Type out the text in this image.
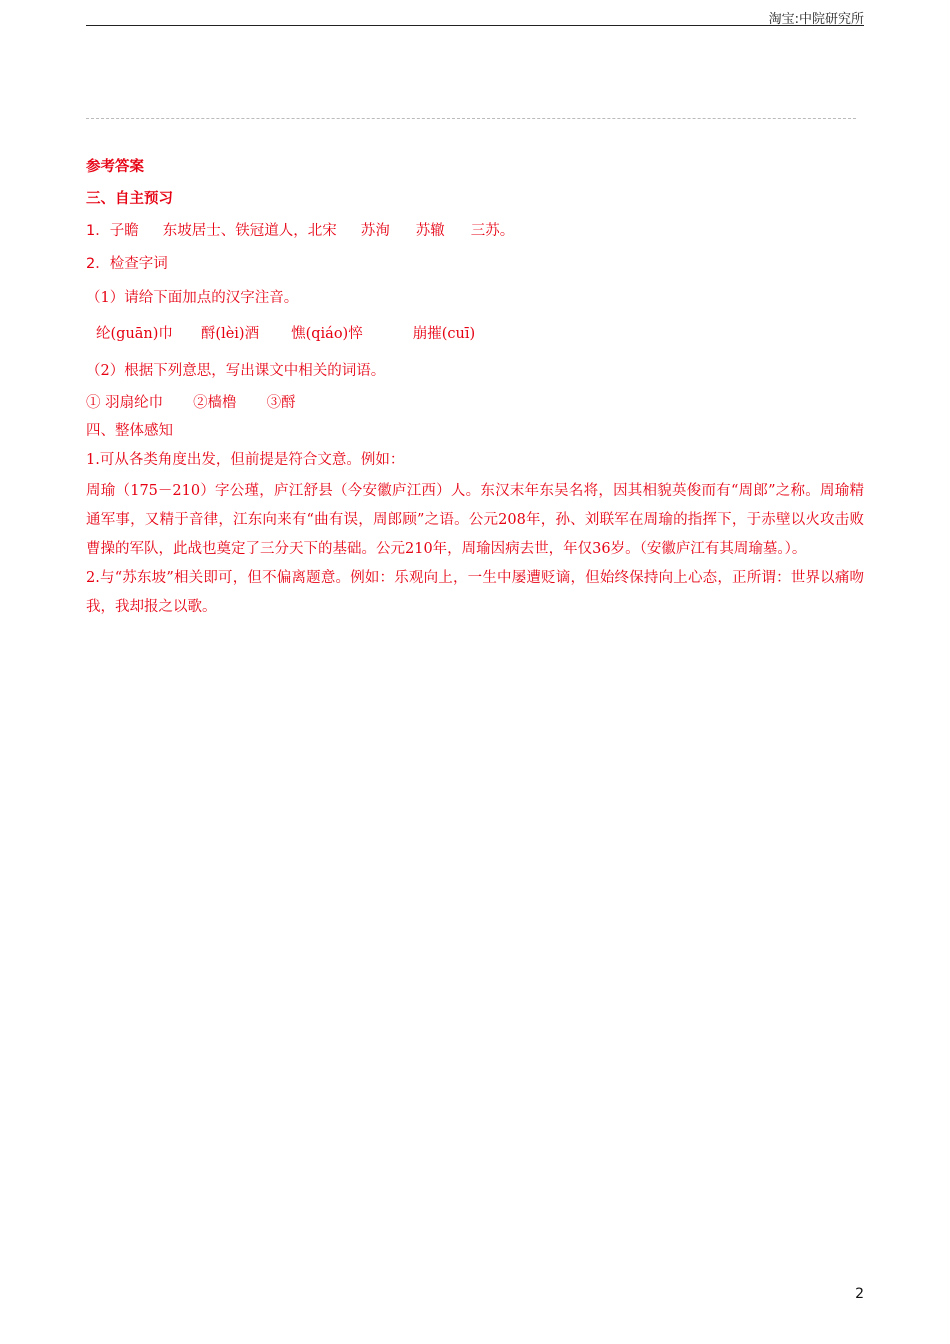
淘宝:中院研究所
参考答案
三、自主预习
1．子瞻 东坡居士、铁冠道人，北宋 苏洵 苏辙 三苏。
2．检查字词
（1）请给下面加点的汉字注音。
纶(guān)巾 酹(lèi)酒 憔(qiáo)悴	崩摧(cuī)
（2）根据下列意思，写出课文中相关的词语。
① 羽扇纶巾 ②樯橹 ③酹
四、整体感知
1.可从各类角度出发，但前提是符合文意。例如：
周瑜（175－210）字公瑾，庐江舒县（今安徽庐江西）人。东汉末年东吴名将，因其相貌英俊而有“周郎”之称。周瑜精通军事，又精于音律，江东向来有“曲有误，周郎顾”之语。公元208年，孙、刘联军在周瑜的指挥下，于赤壁以火攻击败曹操的军队，此战也奠定了三分天下的基础。公元210年，周瑜因病去世，年仅36岁。（安徽庐江有其周瑜墓。）。
2.与“苏东坡”相关即可，但不偏离题意。例如：乐观向上，一生中屡遭贬谪，但始终保持向上心态，正所谓：世界以痛吻我，我却报之以歌。
2
